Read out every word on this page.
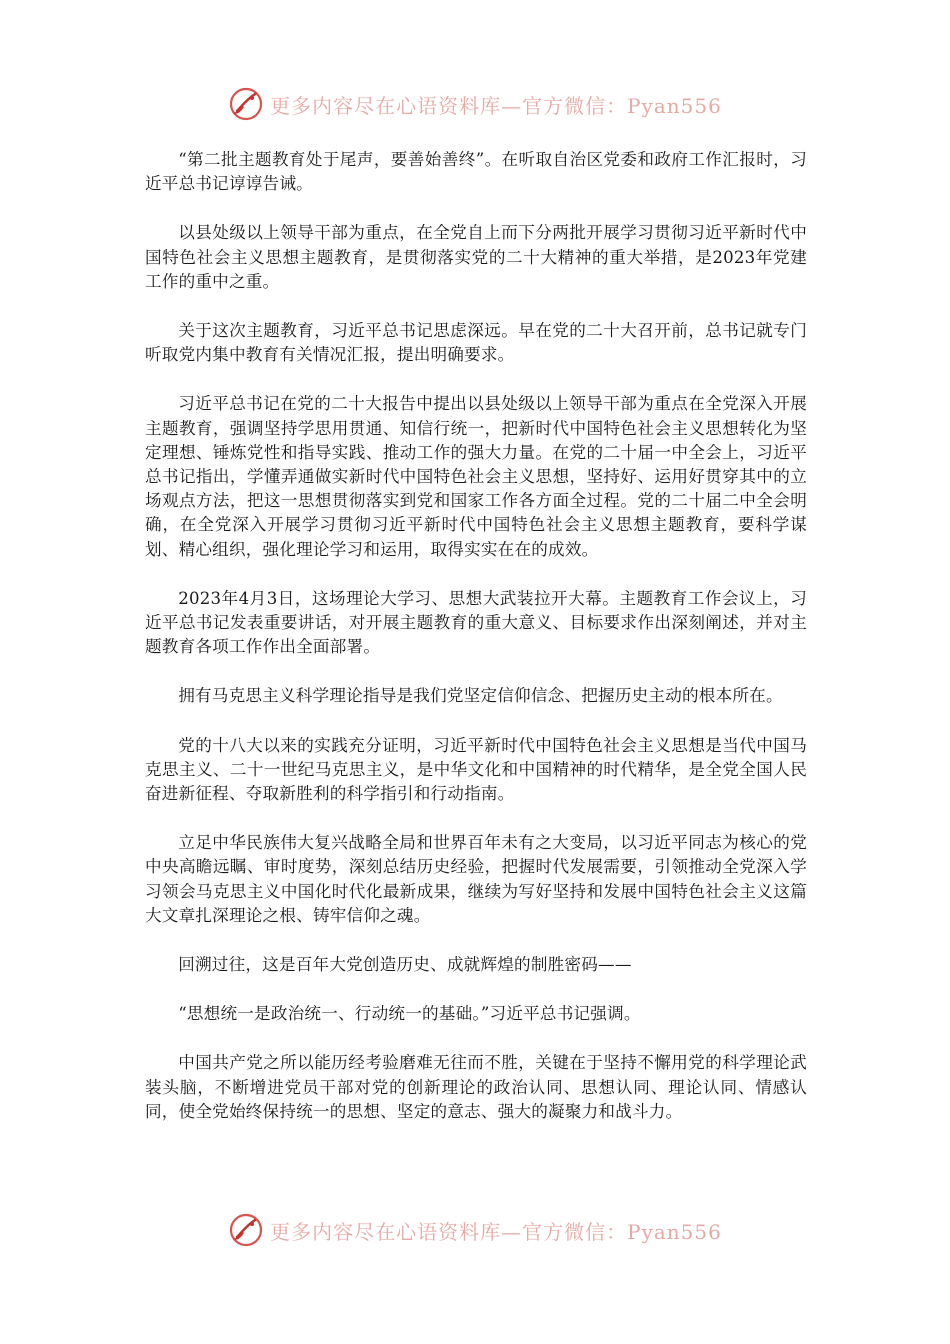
更多内容尽在心语资料库—官方微信：Pyan556

“第二批主题教育处于尾声，要善始善终”。在听取自治区党委和政府工作汇报时，习近平总书记谆谆告诫。

以县处级以上领导干部为重点，在全党自上而下分两批开展学习贯彻习近平新时代中国特色社会主义思想主题教育，是贯彻落实党的二十大精神的重大举措，是2023年党建工作的重中之重。

关于这次主题教育，习近平总书记思虑深远。早在党的二十大召开前，总书记就专门听取党内集中教育有关情况汇报，提出明确要求。

习近平总书记在党的二十大报告中提出以县处级以上领导干部为重点在全党深入开展主题教育，强调坚持学思用贯通、知信行统一，把新时代中国特色社会主义思想转化为坚定理想、锤炼党性和指导实践、推动工作的强大力量。在党的二十届一中全会上，习近平总书记指出，学懂弄通做实新时代中国特色社会主义思想，坚持好、运用好贯穿其中的立场观点方法，把这一思想贯彻落实到党和国家工作各方面全过程。党的二十届二中全会明确，在全党深入开展学习贯彻习近平新时代中国特色社会主义思想主题教育，要科学谋划、精心组织，强化理论学习和运用，取得实实在在的成效。

2023年4月3日，这场理论大学习、思想大武装拉开大幕。主题教育工作会议上，习近平总书记发表重要讲话，对开展主题教育的重大意义、目标要求作出深刻阐述，并对主题教育各项工作作出全面部署。

拥有马克思主义科学理论指导是我们党坚定信仰信念、把握历史主动的根本所在。

党的十八大以来的实践充分证明，习近平新时代中国特色社会主义思想是当代中国马克思主义、二十一世纪马克思主义，是中华文化和中国精神的时代精华，是全党全国人民奋进新征程、夺取新胜利的科学指引和行动指南。

立足中华民族伟大复兴战略全局和世界百年未有之大变局，以习近平同志为核心的党中央高瞻远瞩、审时度势，深刻总结历史经验，把握时代发展需要，引领推动全党深入学习领会马克思主义中国化时代化最新成果，继续为写好坚持和发展中国特色社会主义这篇大文章扎深理论之根、铸牢信仰之魂。

回溯过往，这是百年大党创造历史、成就辉煌的制胜密码——

“思想统一是政治统一、行动统一的基础。”习近平总书记强调。

中国共产党之所以能历经考验磨难无往而不胜，关键在于坚持不懈用党的科学理论武装头脑，不断增进党员干部对党的创新理论的政治认同、思想认同、理论认同、情感认同，使全党始终保持统一的思想、坚定的意志、强大的凝聚力和战斗力。

更多内容尽在心语资料库—官方微信：Pyan556
